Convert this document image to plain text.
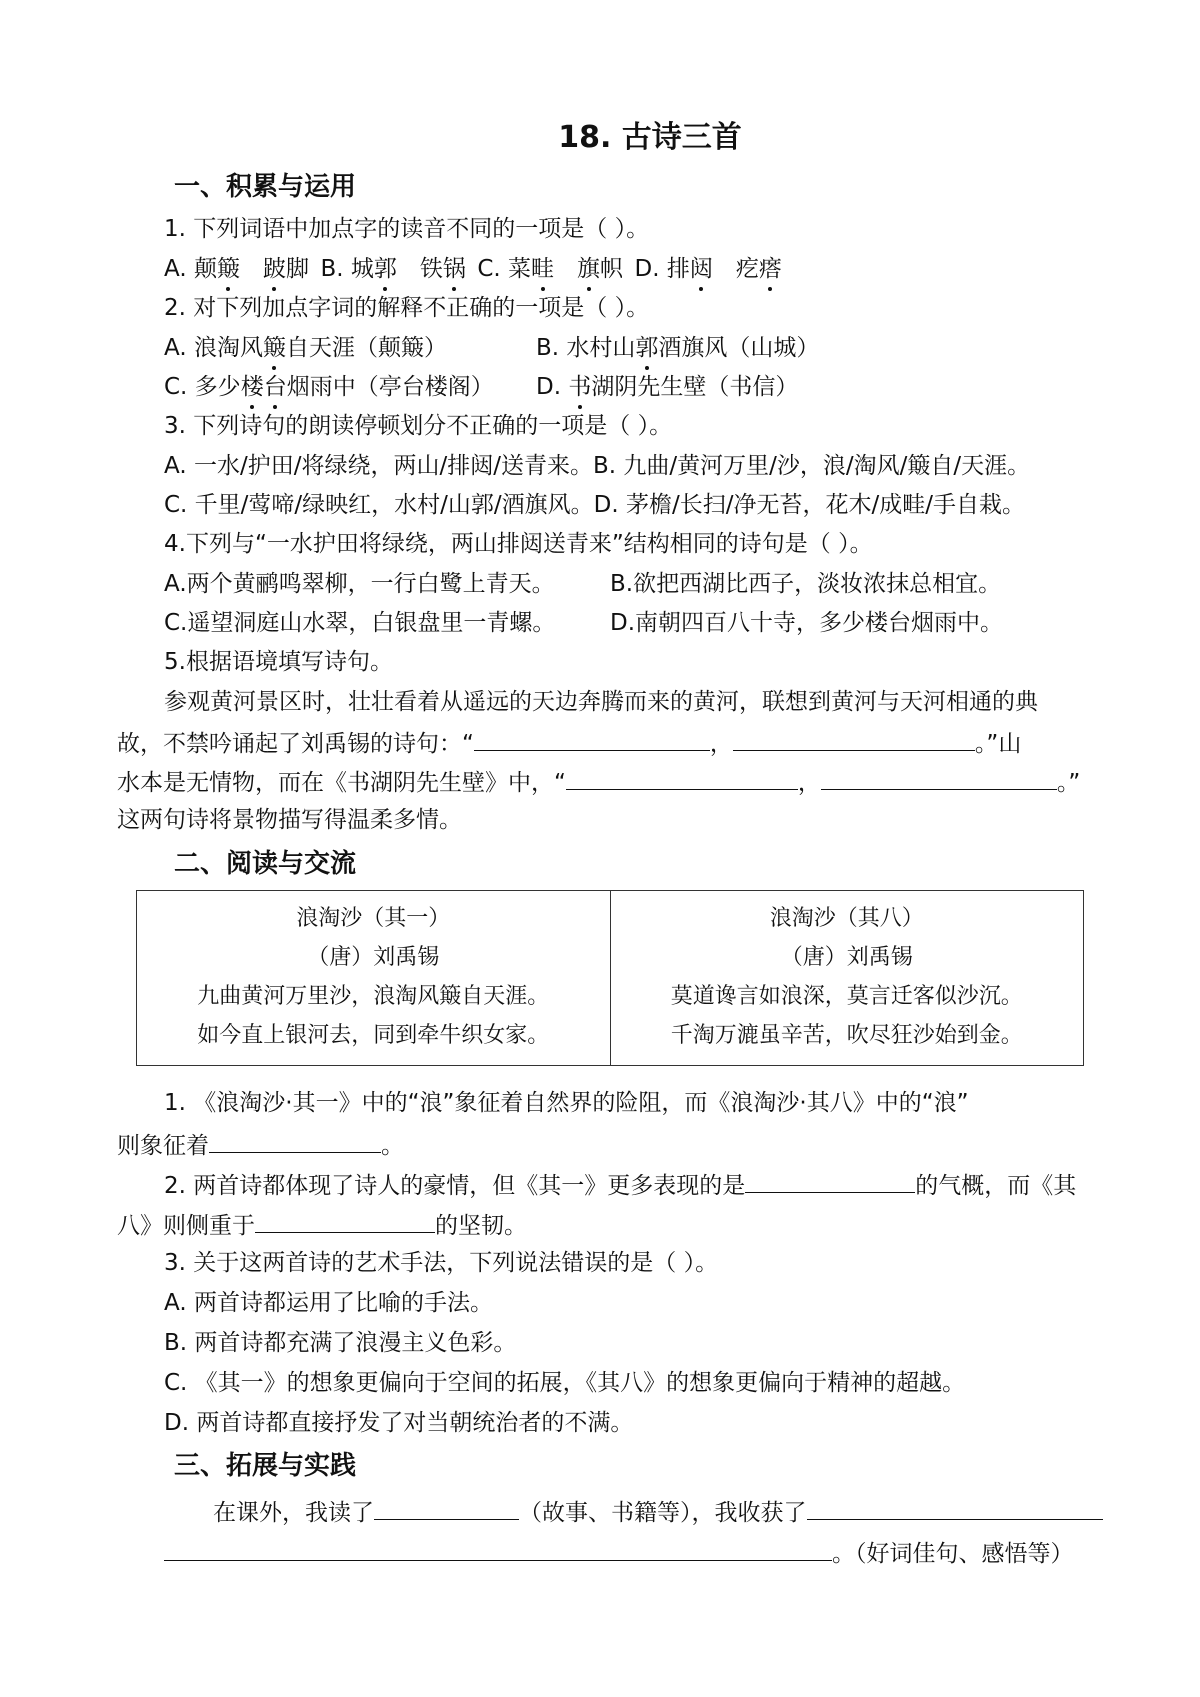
18. 古诗三首
一、积累与运用
1. 下列词语中加点字的读音不同的一项是（ ）。
A. 颠簸  跛脚  B. 城郭  铁锅  C. 菜畦  旗帜  D. 排闼  疙瘩
2. 对下列加点字词的解释不正确的一项是（ ）。
A. 浪淘风簸自天涯（颠簸）	B. 水村山郭酒旗风（山城）
C. 多少楼台烟雨中（亭台楼阁） D. 书湖阴先生壁（书信）
3. 下列诗句的朗读停顿划分不正确的一项是（ ）。
A. 一水/护田/将绿绕，两山/排闼/送青来。B. 九曲/黄河万里/沙，浪/淘风/簸自/天涯。
C. 千里/莺啼/绿映红，水村/山郭/酒旗风。D. 茅檐/长扫/净无苔，花木/成畦/手自栽。
4.下列与“一水护田将绿绕，两山排闼送青来”结构相同的诗句是（ ）。
A.两个黄鹂鸣翠柳，一行白鹭上青天。 B.欲把西湖比西子，淡妆浓抹总相宜。
C.遥望洞庭山水翠，白银盘里一青螺。 D.南朝四百八十寺，多少楼台烟雨中。
5.根据语境填写诗句。
参观黄河景区时，壮壮看着从遥远的天边奔腾而来的黄河，联想到黄河与天河相通的典
故，不禁吟诵起了刘禹锡的诗句：“	，	。”山
水本是无情物，而在《书湖阴先生壁》中，“	，	。”
这两句诗将景物描写得温柔多情。
二、阅读与交流
浪淘沙（其一）
（唐）刘禹锡
九曲黄河万里沙，浪淘风簸自天涯。
如今直上银河去，同到牵牛织女家。

浪淘沙（其八）
（唐）刘禹锡
莫道谗言如浪深，莫言迁客似沙沉。
千淘万漉虽辛苦，吹尽狂沙始到金。
1. 《浪淘沙·其一》中的“浪”象征着自然界的险阻，而《浪淘沙·其八》中的“浪”
则象征着	。
2. 两首诗都体现了诗人的豪情，但《其一》更多表现的是	的气概，而《其
八》则侧重于	的坚韧。
3. 关于这两首诗的艺术手法，下列说法错误的是（ ）。
A. 两首诗都运用了比喻的手法。
B. 两首诗都充满了浪漫主义色彩。
C. 《其一》的想象更偏向于空间的拓展，《其八》的想象更偏向于精神的超越。
D. 两首诗都直接抒发了对当朝统治者的不满。
三、拓展与实践
在课外，我读了	（故事、书籍等），我收获了
。（好词佳句、感悟等）
